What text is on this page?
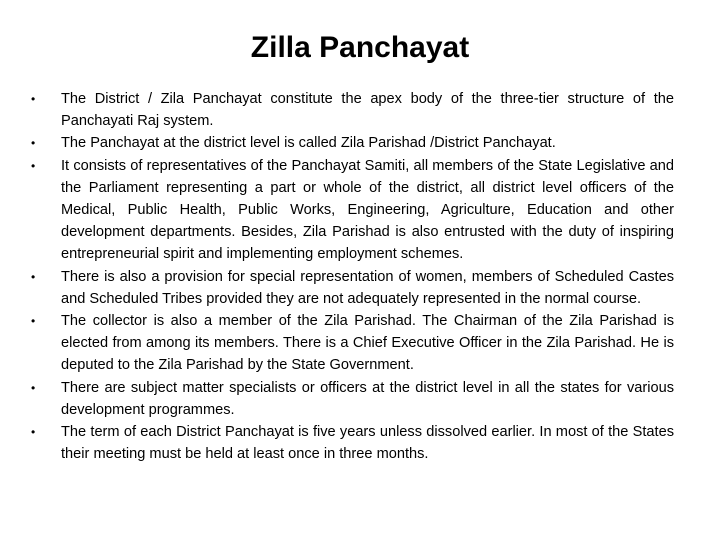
Zilla Panchayat
• The District / Zila Panchayat constitute the apex body of the three-tier structure of the Panchayati Raj system.
• The Panchayat at the district level is called Zila Parishad /District Panchayat.
• It consists of representatives of the Panchayat Samiti, all members of the State Legislative and the Parliament representing a part or whole of the district, all district level officers of the Medical, Public Health, Public Works, Engineering, Agriculture, Education and other development departments. Besides, Zila Parishad is also entrusted with the duty of inspiring entrepreneurial spirit and implementing employment schemes.
• There is also a provision for special representation of women, members of Scheduled Castes and Scheduled Tribes provided they are not adequately represented in the normal course.
• The collector is also a member of the Zila Parishad. The Chairman of the Zila Parishad is elected from among its members. There is a Chief Executive Officer in the Zila Parishad. He is deputed to the Zila Parishad by the State Government.
• There are subject matter specialists or officers at the district level in all the states for various development programmes.
• The term of each District Panchayat is five years unless dissolved earlier. In most of the States their meeting must be held at least once in three months.
